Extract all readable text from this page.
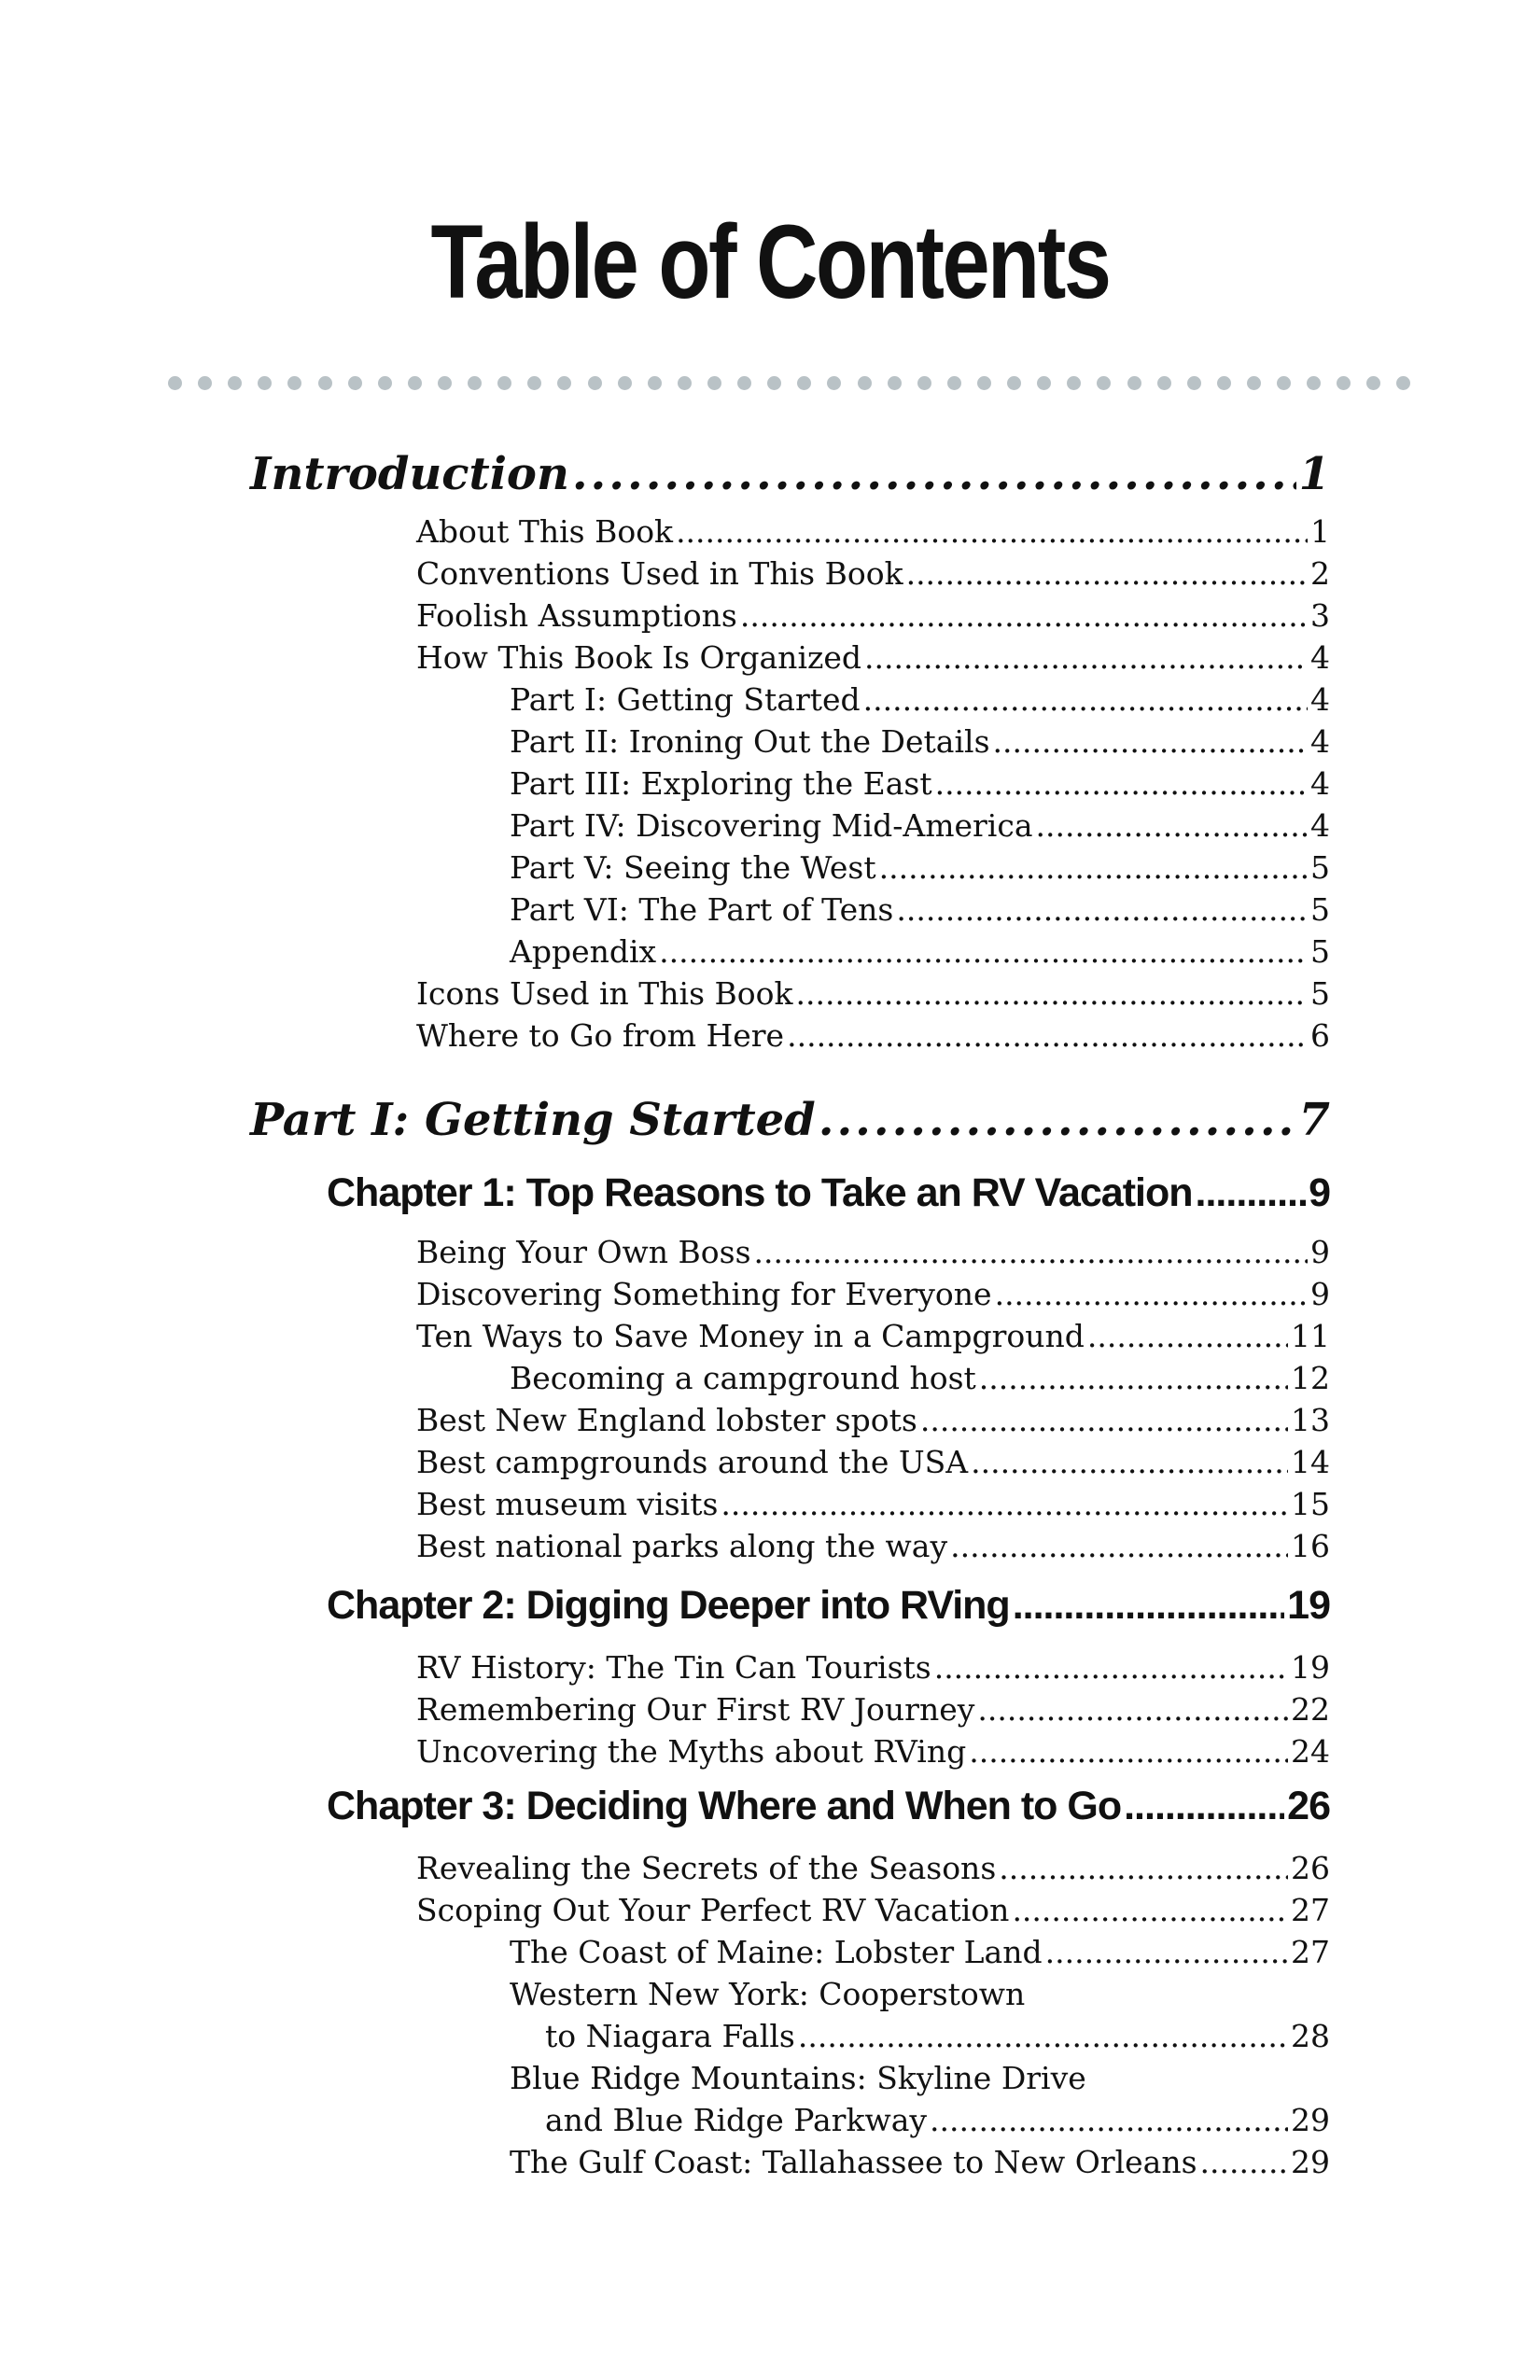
Table of Contents
Introduction .....	1
About This Book .....	1
Conventions Used in This Book .....	2
Foolish Assumptions .....	3
How This Book Is Organized .....	4
Part I: Getting Started .....	4
Part II: Ironing Out the Details .....	4
Part III: Exploring the East .....	4
Part IV: Discovering Mid-America .....	4
Part V: Seeing the West .....	5
Part VI: The Part of Tens .....	5
Appendix .....	5
Icons Used in This Book .....	5
Where to Go from Here .....	6
Part I: Getting Started .....	7
Chapter 1: Top Reasons to Take an RV Vacation .....	9
Being Your Own Boss .....	9
Discovering Something for Everyone .....	9
Ten Ways to Save Money in a Campground .....	11
Becoming a campground host .....	12
Best New England lobster spots .....	13
Best campgrounds around the USA .....	14
Best museum visits .....	15
Best national parks along the way .....	16
Chapter 2: Digging Deeper into RVing .....	19
RV History: The Tin Can Tourists .....	19
Remembering Our First RV Journey .....	22
Uncovering the Myths about RVing .....	24
Chapter 3: Deciding Where and When to Go .....	26
Revealing the Secrets of the Seasons .....	26
Scoping Out Your Perfect RV Vacation .....	27
The Coast of Maine: Lobster Land .....	27
Western New York: Cooperstown
to Niagara Falls .....	28
Blue Ridge Mountains: Skyline Drive
and Blue Ridge Parkway .....	29
The Gulf Coast: Tallahassee to New Orleans .....	29
